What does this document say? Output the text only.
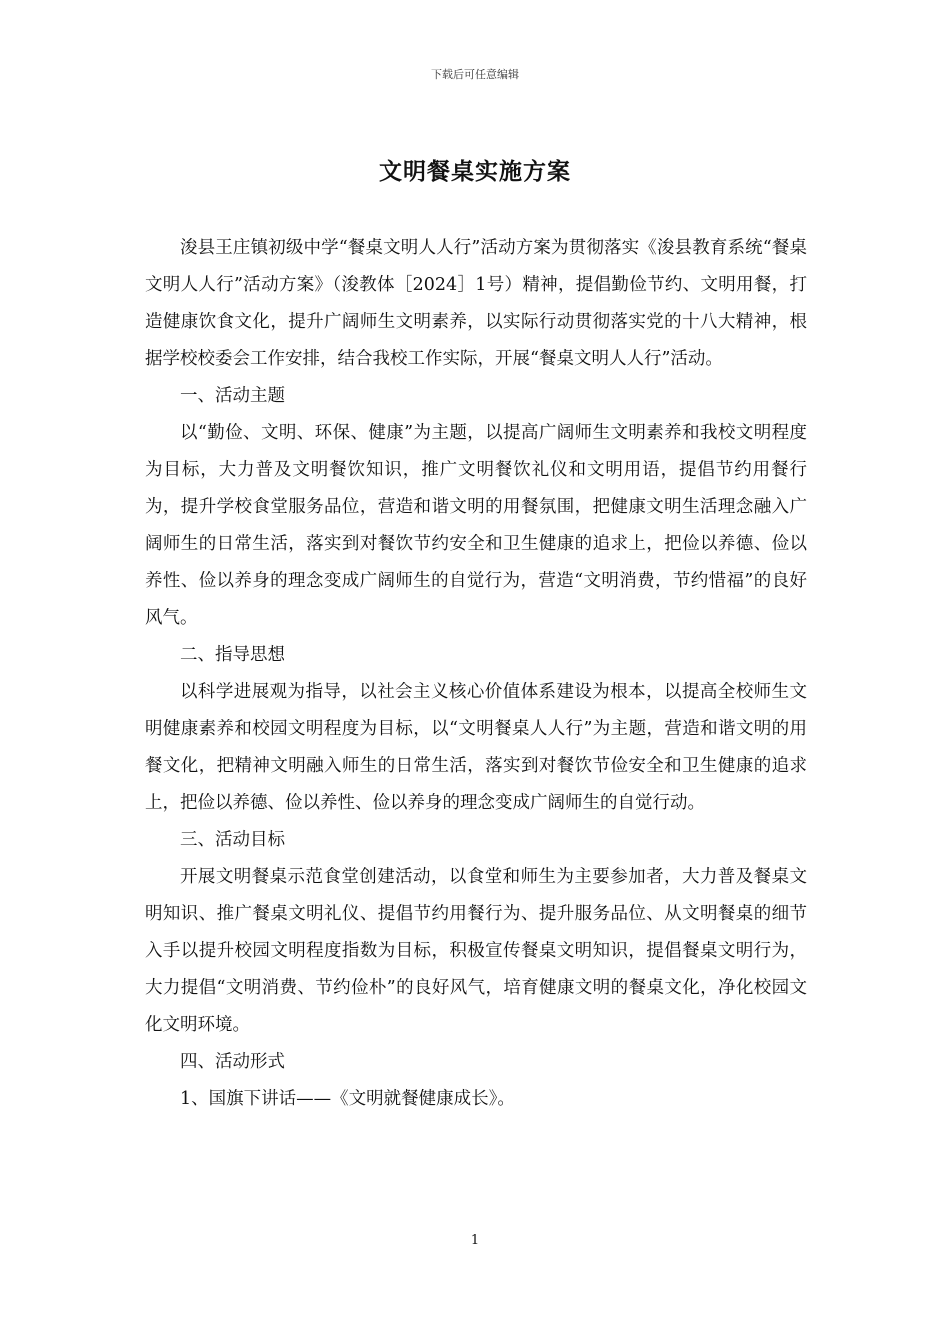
下载后可任意编辑
文明餐桌实施方案

浚县王庄镇初级中学“餐桌文明人人行”活动方案为贯彻落实《浚县教育系统“餐桌文明人人行”活动方案》（浚教体［2024］1号）精神，提倡勤俭节约、文明用餐，打造健康饮食文化，提升广阔师生文明素养，以实际行动贯彻落实党的十八大精神，根据学校校委会工作安排，结合我校工作实际，开展“餐桌文明人人行”活动。

一、活动主题

以“勤俭、文明、环保、健康”为主题，以提高广阔师生文明素养和我校文明程度为目标，大力普及文明餐饮知识，推广文明餐饮礼仪和文明用语，提倡节约用餐行为，提升学校食堂服务品位，营造和谐文明的用餐氛围，把健康文明生活理念融入广阔师生的日常生活，落实到对餐饮节约安全和卫生健康的追求上，把俭以养德、俭以养性、俭以养身的理念变成广阔师生的自觉行为，营造“文明消费，节约惜福”的良好风气。

二、指导思想

以科学进展观为指导，以社会主义核心价值体系建设为根本，以提高全校师生文明健康素养和校园文明程度为目标，以“文明餐桌人人行”为主题，营造和谐文明的用餐文化，把精神文明融入师生的日常生活，落实到对餐饮节俭安全和卫生健康的追求上，把俭以养德、俭以养性、俭以养身的理念变成广阔师生的自觉行动。

三、活动目标

开展文明餐桌示范食堂创建活动，以食堂和师生为主要参加者，大力普及餐桌文明知识、推广餐桌文明礼仪、提倡节约用餐行为、提升服务品位、从文明餐桌的细节入手以提升校园文明程度指数为目标，积极宣传餐桌文明知识，提倡餐桌文明行为，大力提倡“文明消费、节约俭朴”的良好风气，培育健康文明的餐桌文化，净化校园文化文明环境。

四、活动形式

1、国旗下讲话——《文明就餐健康成长》。

1
